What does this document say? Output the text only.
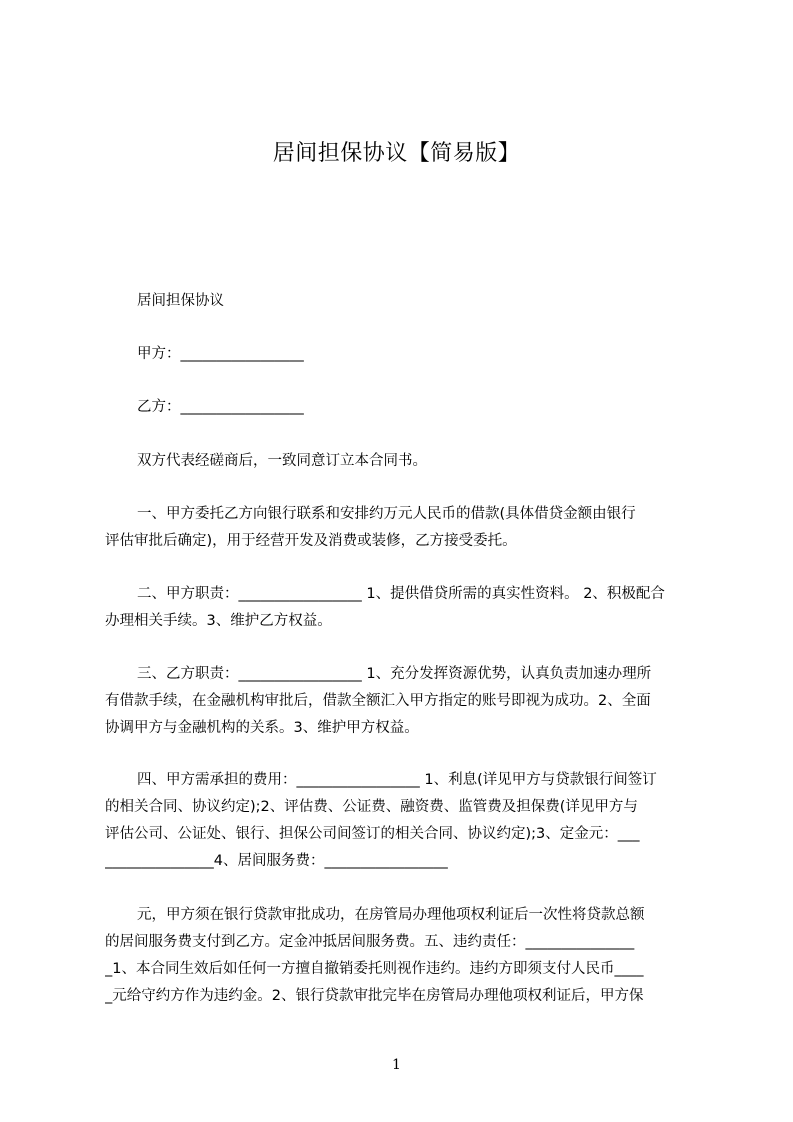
居间担保协议【简易版】
居间担保协议
甲方：_________________
乙方：_________________
双方代表经磋商后，一致同意订立本合同书。
一、甲方委托乙方向银行联系和安排约万元人民币的借款(具体借贷金额由银行
评估审批后确定)，用于经营开发及消费或装修，乙方接受委托。
二、甲方职责：_________________ 1、提供借贷所需的真实性资料。 2、积极配合
办理相关手续。3、维护乙方权益。
三、乙方职责：_________________ 1、充分发挥资源优势，认真负责加速办理所
有借款手续，在金融机构审批后，借款全额汇入甲方指定的账号即视为成功。2、全面
协调甲方与金融机构的关系。3、维护甲方权益。
四、甲方需承担的费用：_________________ 1、利息(详见甲方与贷款银行间签订
的相关合同、协议约定);2、评估费、公证费、融资费、监管费及担保费(详见甲方与
评估公司、公证处、银行、担保公司间签订的相关合同、协议约定);3、定金元：___
_______________4、居间服务费：_________________
元，甲方须在银行贷款审批成功，在房管局办理他项权利证后一次性将贷款总额
的居间服务费支付到乙方。定金冲抵居间服务费。五、违约责任：_______________
_1、本合同生效后如任何一方擅自撤销委托则视作违约。违约方即须支付人民币____
_元给守约方作为违约金。2、银行贷款审批完毕在房管局办理他项权利证后，甲方保
1
